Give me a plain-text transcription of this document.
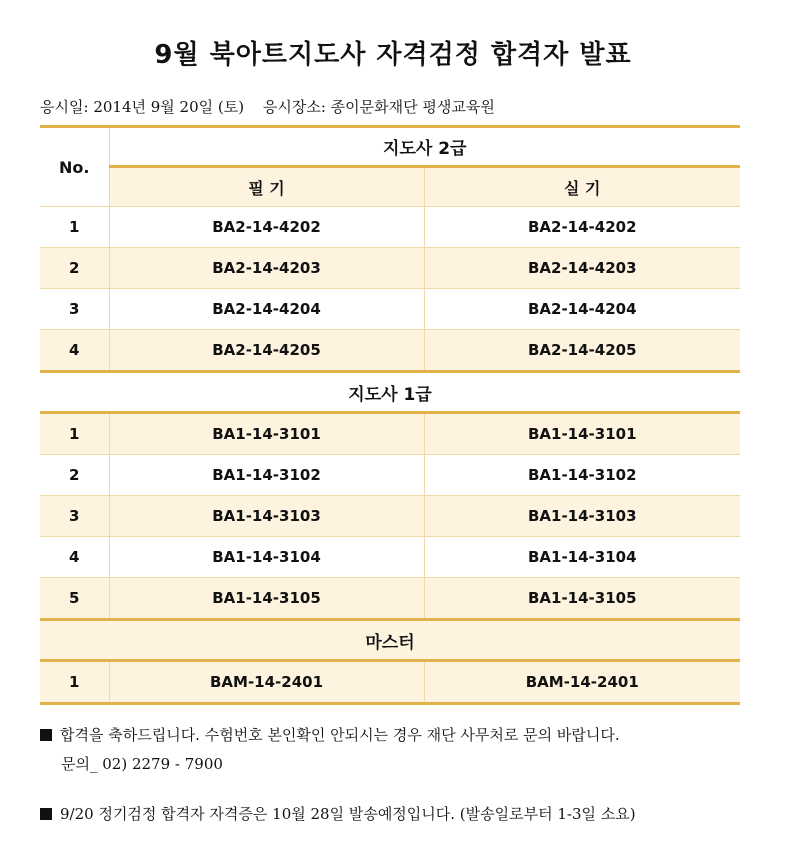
9월 북아트지도사 자격검정 합격자 발표
응시일: 2014년 9월 20일 (토) 응시장소: 종이문화재단 평생교육원
No.	지도사 2급	
	필 기	실 기
1	BA2-14-4202	BA2-14-4202
2	BA2-14-4203	BA2-14-4203
3	BA2-14-4204	BA2-14-4204
4	BA2-14-4205	BA2-14-4205
지도사 1급		
1	BA1-14-3101	BA1-14-3101
2	BA1-14-3102	BA1-14-3102
3	BA1-14-3103	BA1-14-3103
4	BA1-14-3104	BA1-14-3104
5	BA1-14-3105	BA1-14-3105
마스터		
1	BAM-14-2401	BAM-14-2401
합격을 축하드립니다. 수험번호 본인확인 안되시는 경우 재단 사무처로 문의 바랍니다.
문의_ 02) 2279 - 7900
9/20 정기검정 합격자 자격증은 10월 28일 발송예정입니다. (발송일로부터 1-3일 소요)
